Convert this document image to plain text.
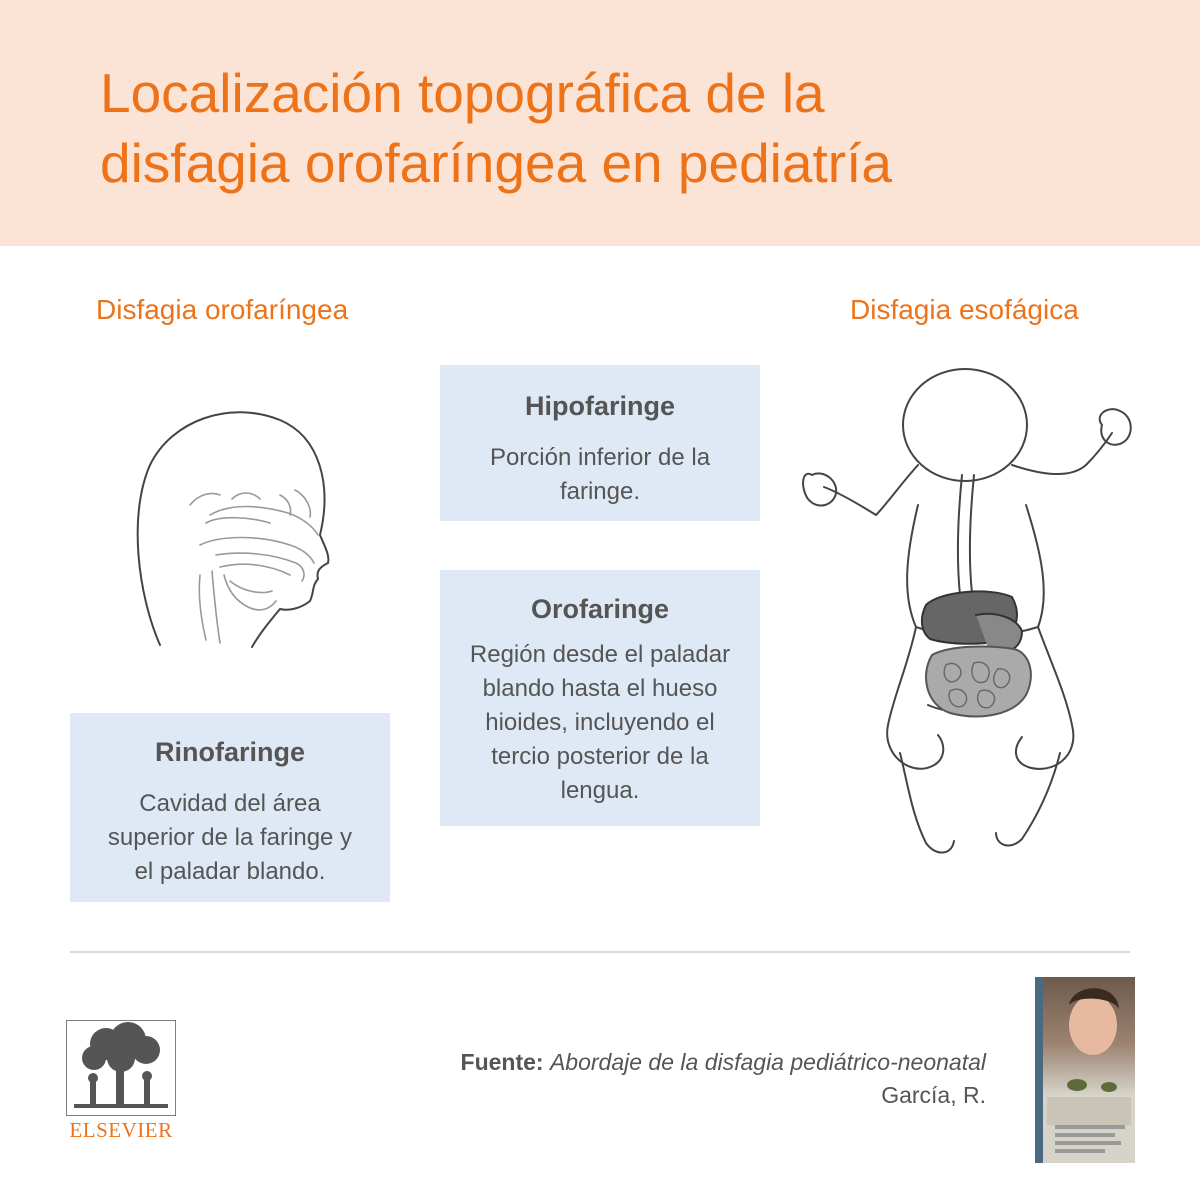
Localización topográfica de la
disfagia orofaríngea en pediatría
Disfagia orofaríngea	Disfagia esofágica
Hipofaringe
Porción inferior de la
faringe.
Orofaringe
Región desde el paladar
blando hasta el hueso
hioides, incluyendo el
tercio posterior de la
lengua.
Rinofaringe
Cavidad del área
superior de la faringe y
el paladar blando.
ELSEVIER
Fuente: Abordaje de la disfagia pediátrico-neonatal
García, R.
